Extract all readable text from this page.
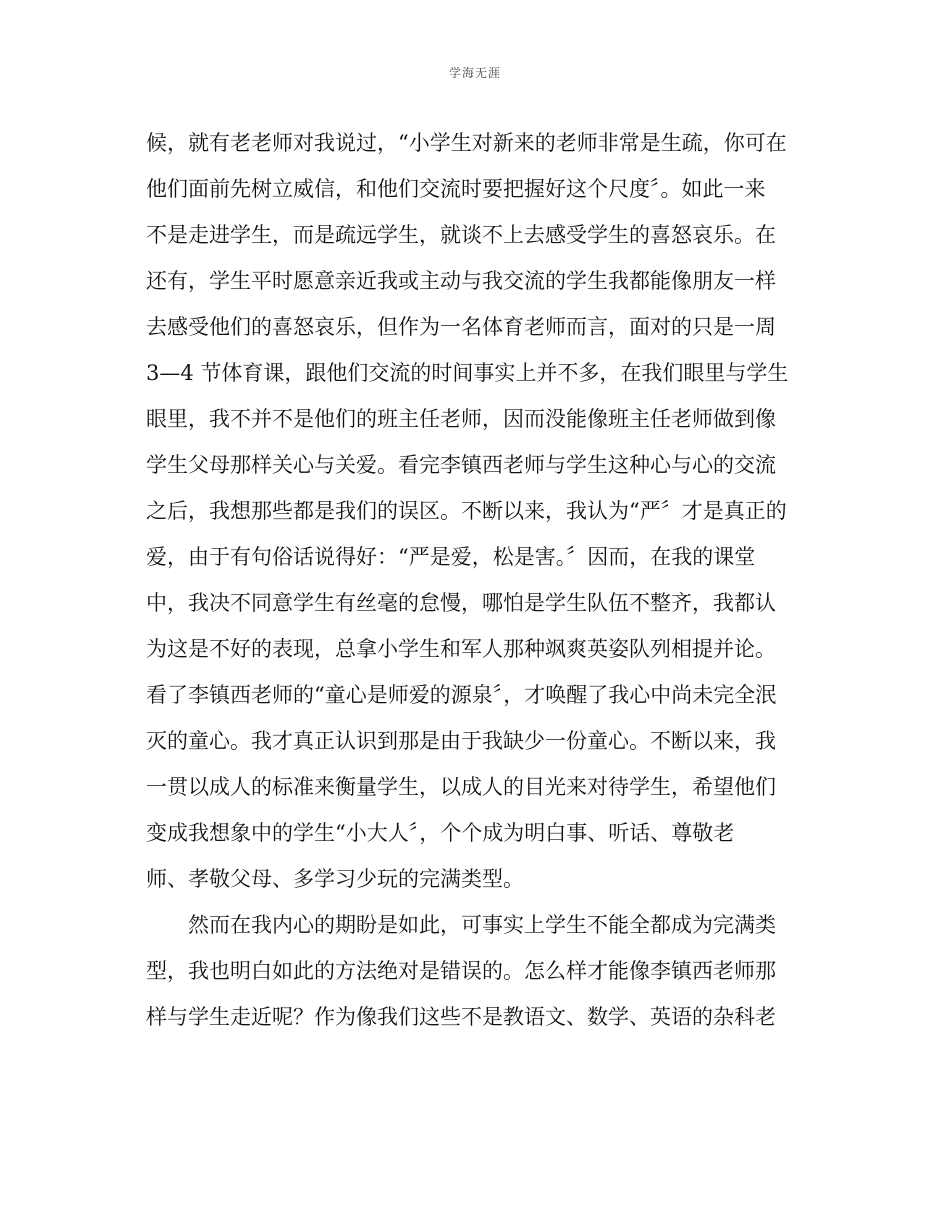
学海无涯
候，就有老老师对我说过，“小学生对新来的老师非常是生疏，你可在
他们面前先树立威信，和他们交流时要把握好这个尺度〞。如此一来
不是走进学生，而是疏远学生，就谈不上去感受学生的喜怒哀乐。在
还有，学生平时愿意亲近我或主动与我交流的学生我都能像朋友一样
去感受他们的喜怒哀乐，但作为一名体育老师而言，面对的只是一周
3—4 节体育课，跟他们交流的时间事实上并不多，在我们眼里与学生
眼里，我不并不是他们的班主任老师，因而没能像班主任老师做到像
学生父母那样关心与关爱。看完李镇西老师与学生这种心与心的交流
之后，我想那些都是我们的误区。不断以来，我认为“严〞才是真正的
爱，由于有句俗话说得好：“严是爱，松是害。〞因而，在我的课堂
中，我决不同意学生有丝毫的怠慢，哪怕是学生队伍不整齐，我都认
为这是不好的表现，总拿小学生和军人那种飒爽英姿队列相提并论。
看了李镇西老师的“童心是师爱的源泉〞，才唤醒了我心中尚未完全泯
灭的童心。我才真正认识到那是由于我缺少一份童心。不断以来，我
一贯以成人的标准来衡量学生，以成人的目光来对待学生，希望他们
变成我想象中的学生“小大人〞，个个成为明白事、听话、尊敬老
师、孝敬父母、多学习少玩的完满类型。
然而在我内心的期盼是如此，可事实上学生不能全都成为完满类
型，我也明白如此的方法绝对是错误的。怎么样才能像李镇西老师那
样与学生走近呢？作为像我们这些不是教语文、数学、英语的杂科老
